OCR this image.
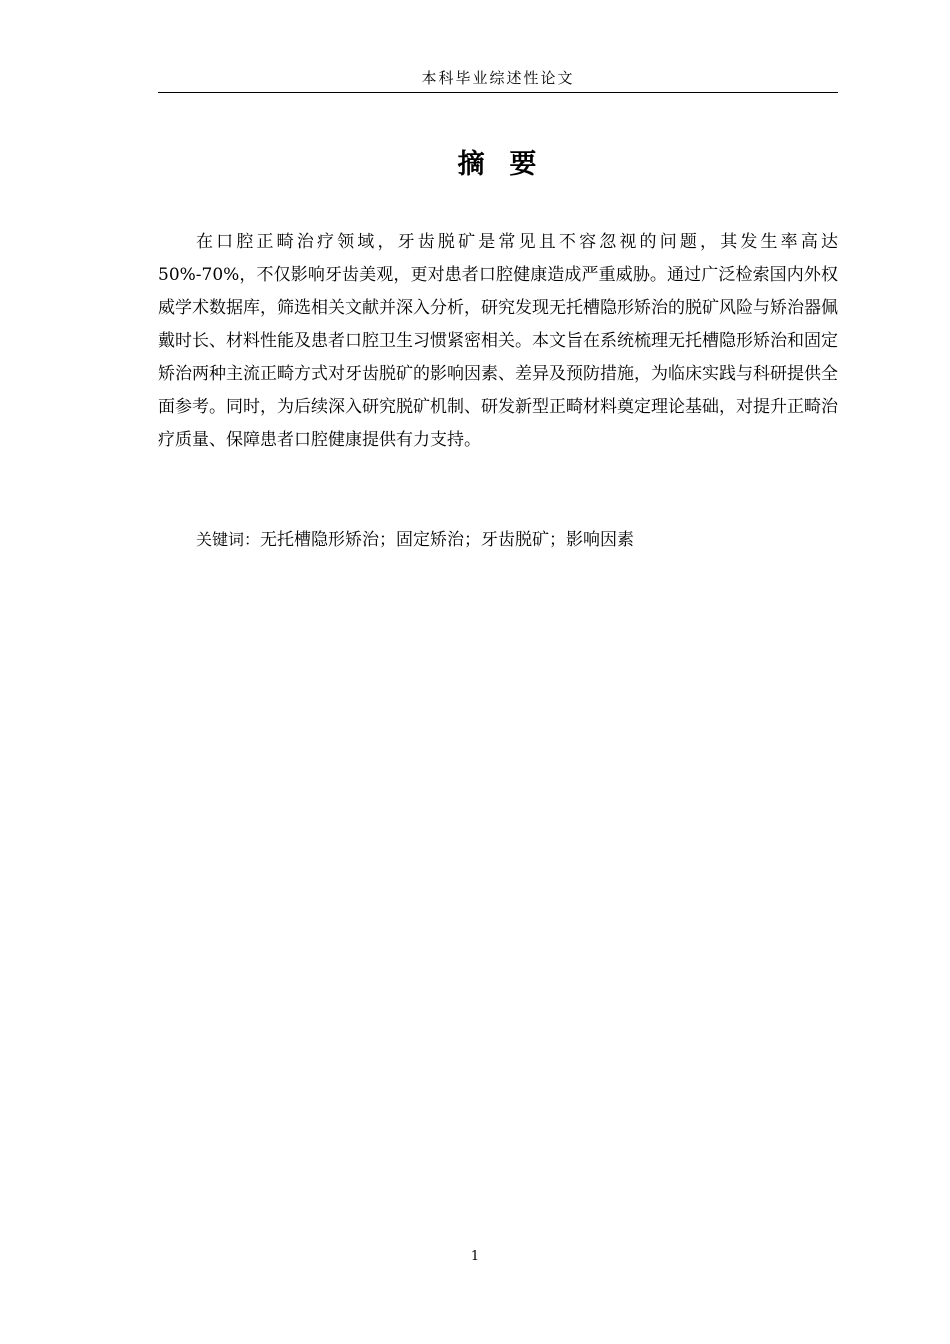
本科毕业综述性论文
摘  要

在口腔正畸治疗领域，牙齿脱矿是常见且不容忽视的问题，其发生率高达50%-70%，不仅影响牙齿美观，更对患者口腔健康造成严重威胁。通过广泛检索国内外权威学术数据库，筛选相关文献并深入分析，研究发现无托槽隐形矫治的脱矿风险与矫治器佩戴时长、材料性能及患者口腔卫生习惯紧密相关。本文旨在系统梳理无托槽隐形矫治和固定矫治两种主流正畸方式对牙齿脱矿的影响因素、差异及预防措施，为临床实践与科研提供全面参考。同时，为后续深入研究脱矿机制、研发新型正畸材料奠定理论基础，对提升正畸治疗质量、保障患者口腔健康提供有力支持。

关键词：无托槽隐形矫治；固定矫治；牙齿脱矿；影响因素

1
